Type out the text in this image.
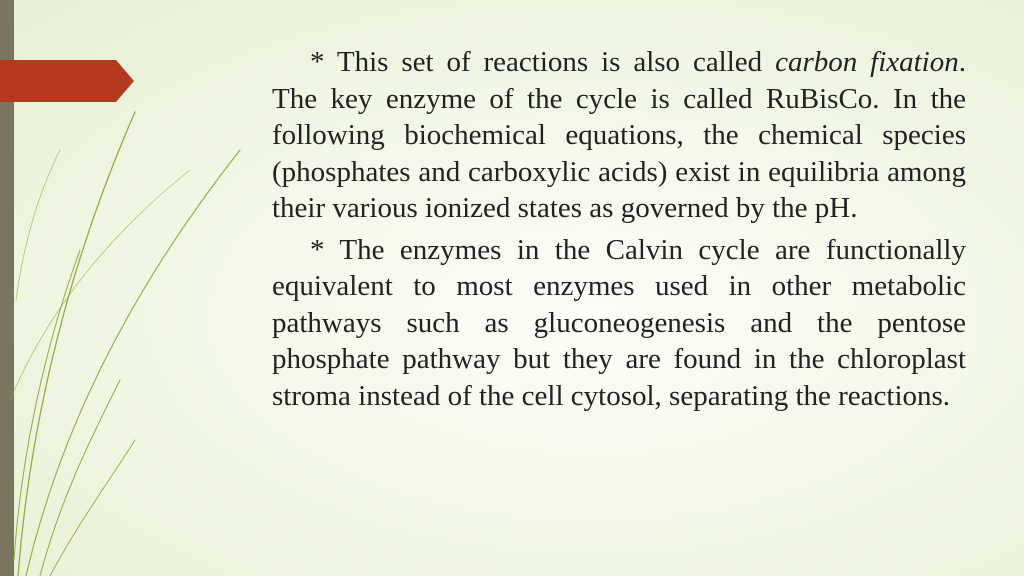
* This set of reactions is also called carbon fixation. The key enzyme of the cycle is called RuBisCo. In the following biochemical equations, the chemical species (phosphates and carboxylic acids) exist in equilibria among their various ionized states as governed by the pH.

* The enzymes in the Calvin cycle are functionally equivalent to most enzymes used in other metabolic pathways such as gluconeogenesis and the pentose phosphate pathway but they are found in the chloroplast stroma instead of the cell cytosol, separating the reactions.
